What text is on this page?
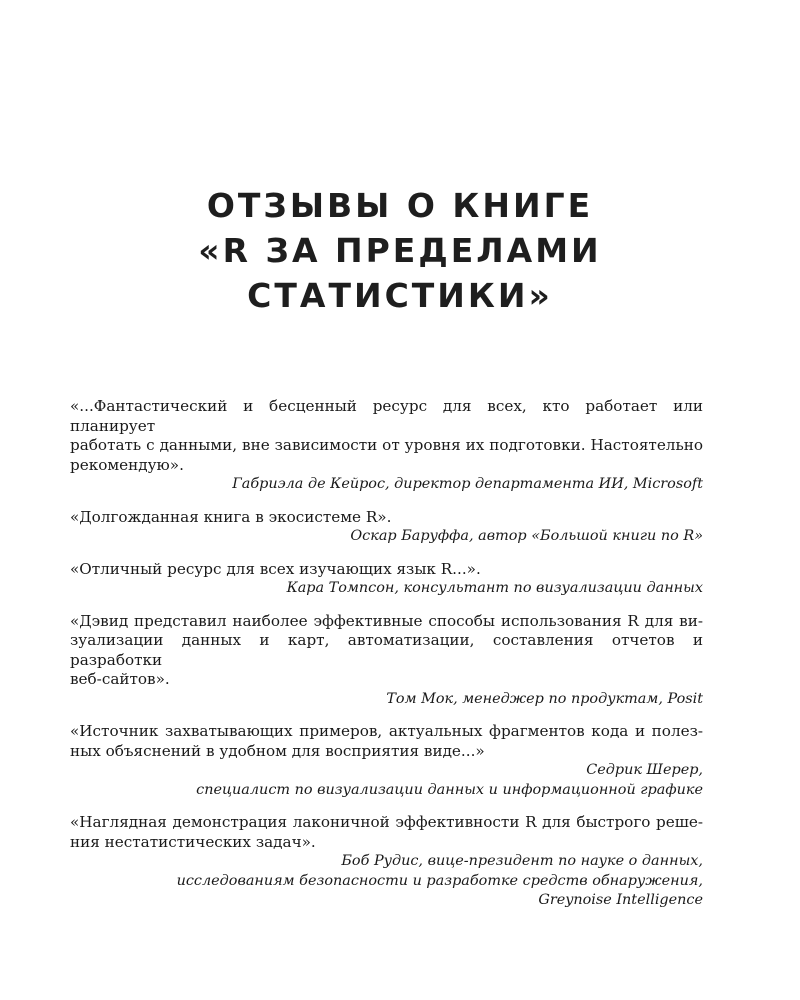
ОТЗЫВЫ О КНИГЕ
«R ЗА ПРЕДЕЛАМИ
СТАТИСТИКИ»

«...Фантастический и бесценный ресурс для всех, кто работает или планирует
работать с данными, вне зависимости от уровня их подготовки. Настоятельно
рекомендую».

Габриэла де Кейрос, директор департамента ИИ, Microsoft

«Долгожданная книга в экосистеме R».

Оскар Баруффа, автор «Большой книги по R»

«Отличный ресурс для всех изучающих язык R...».

Кара Томпсон, консультант по визуализации данных

«Дэвид представил наиболее эффективные способы использования R для ви-
зуализации данных и карт, автоматизации, составления отчетов и разработки
веб-сайтов».

Том Мок, менеджер по продуктам, Posit

«Источник захватывающих примеров, актуальных фрагментов кода и полез-
ных объяснений в удобном для восприятия виде...»

Седрик Шерер,
специалист по визуализации данных и информационной графике

«Наглядная демонстрация лаконичной эффективности R для быстрого реше-
ния нестатистических задач».

Боб Рудис, вице-президент по науке о данных,
исследованиям безопасности и разработке средств обнаружения,
Greynoise Intelligence
